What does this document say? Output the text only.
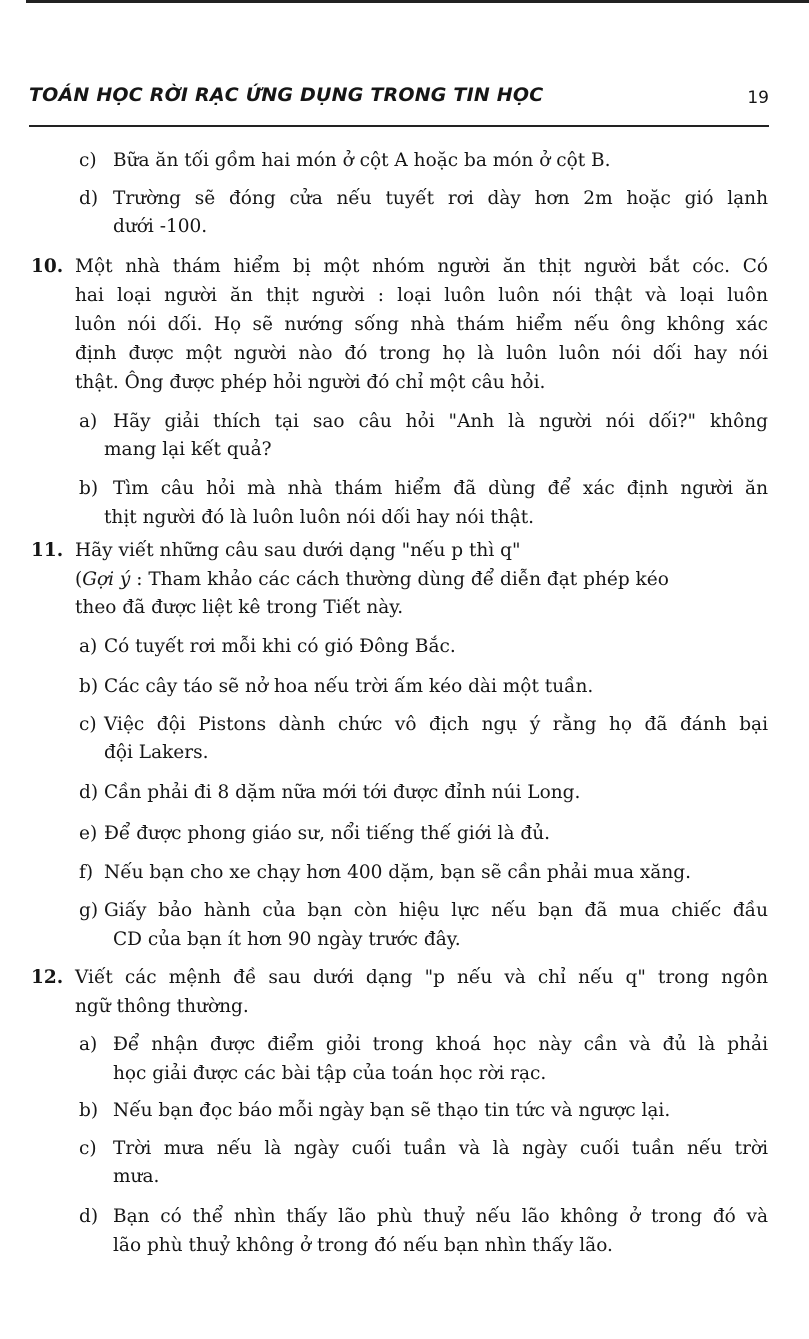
TOÁN HỌC RỜI RẠC ỨNG DỤNG TRONG TIN HỌC	19
c) Bữa ăn tối gồm hai món ở cột A hoặc ba món ở cột B.
d) Trường sẽ đóng cửa nếu tuyết rơi dày hơn 2m hoặc gió lạnh
dưới -100.
10. Một nhà thám hiểm bị một nhóm người ăn thịt người bắt cóc. Có
hai loại người ăn thịt người : loại luôn luôn nói thật và loại luôn
luôn nói dối. Họ sẽ nướng sống nhà thám hiểm nếu ông không xác
định được một người nào đó trong họ là luôn luôn nói dối hay nói
thật. Ông được phép hỏi người đó chỉ một câu hỏi.
a) Hãy giải thích tại sao câu hỏi "Anh là người nói dối?" không
mang lại kết quả?
b) Tìm câu hỏi mà nhà thám hiểm đã dùng để xác định người ăn
thịt người đó là luôn luôn nói dối hay nói thật.
11. Hãy viết những câu sau dưới dạng "nếu p thì q"
(Gợi ý : Tham khảo các cách thường dùng để diễn đạt phép kéo
theo đã được liệt kê trong Tiết này.
a) Có tuyết rơi mỗi khi có gió Đông Bắc.
b) Các cây táo sẽ nở hoa nếu trời ấm kéo dài một tuần.
c) Việc đội Pistons dành chức vô địch ngụ ý rằng họ đã đánh bại
đội Lakers.
d) Cần phải đi 8 dặm nữa mới tới được đỉnh núi Long.
e) Để được phong giáo sư, nổi tiếng thế giới là đủ.
f) Nếu bạn cho xe chạy hơn 400 dặm, bạn sẽ cần phải mua xăng.
g) Giấy bảo hành của bạn còn hiệu lực nếu bạn đã mua chiếc đầu
CD của bạn ít hơn 90 ngày trước đây.
12. Viết các mệnh đề sau dưới dạng "p nếu và chỉ nếu q" trong ngôn
ngữ thông thường.
a) Để nhận được điểm giỏi trong khoá học này cần và đủ là phải
học giải được các bài tập của toán học rời rạc.
b) Nếu bạn đọc báo mỗi ngày bạn sẽ thạo tin tức và ngược lại.
c) Trời mưa nếu là ngày cuối tuần và là ngày cuối tuần nếu trời
mưa.
d) Bạn có thể nhìn thấy lão phù thuỷ nếu lão không ở trong đó và
lão phù thuỷ không ở trong đó nếu bạn nhìn thấy lão.
